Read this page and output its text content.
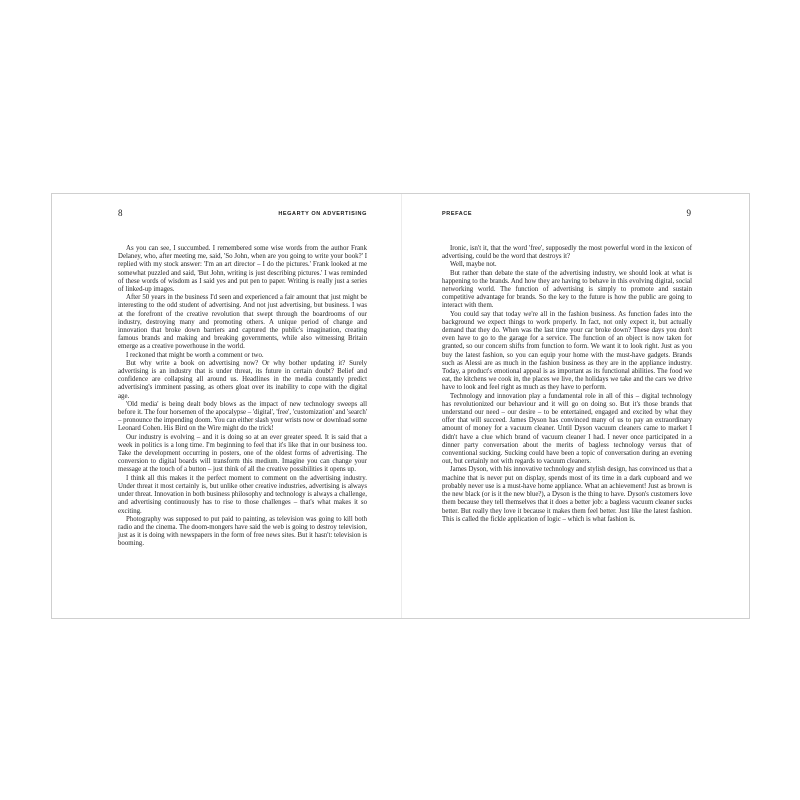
8	HEGARTY ON ADVERTISING

As you can see, I succumbed. I remembered some wise words from the author Frank Delaney, who, after meeting me, said, 'So John, when are you going to write your book?' I replied with my stock answer: 'I'm an art director – I do the pictures.' Frank looked at me somewhat puzzled and said, 'But John, writing is just describing pictures.' I was reminded of these words of wisdom as I said yes and put pen to paper. Writing is really just a series of linked-up images.

After 50 years in the business I'd seen and experienced a fair amount that just might be interesting to the odd student of advertising. And not just advertising, but business. I was at the forefront of the creative revolution that swept through the boardrooms of our industry, destroying many and promoting others. A unique period of change and innovation that broke down barriers and captured the public's imagination, creating famous brands and making and breaking governments, while also witnessing Britain emerge as a creative powerhouse in the world.

I reckoned that might be worth a comment or two.

But why write a book on advertising now? Or why bother updating it? Surely advertising is an industry that is under threat, its future in certain doubt? Belief and confidence are collapsing all around us. Headlines in the media constantly predict advertising's imminent passing, as others gloat over its inability to cope with the digital age.

'Old media' is being dealt body blows as the impact of new technology sweeps all before it. The four horsemen of the apocalypse – 'digital', 'free', 'customization' and 'search' – pronounce the impending doom. You can either slash your wrists now or download some Leonard Cohen. His Bird on the Wire might do the trick!

Our industry is evolving – and it is doing so at an ever greater speed. It is said that a week in politics is a long time. I'm beginning to feel that it's like that in our business too. Take the development occurring in posters, one of the oldest forms of advertising. The conversion to digital boards will transform this medium. Imagine you can change your message at the touch of a button – just think of all the creative possibilities it opens up.

I think all this makes it the perfect moment to comment on the advertising industry. Under threat it most certainly is, but unlike other creative industries, advertising is always under threat. Innovation in both business philosophy and technology is always a challenge, and advertising continuously has to rise to those challenges – that's what makes it so exciting.

Photography was supposed to put paid to painting, as television was going to kill both radio and the cinema. The doom-mongers have said the web is going to destroy television, just as it is doing with newspapers in the form of free news sites. But it hasn't: television is booming.

PREFACE	9

Ironic, isn't it, that the word 'free', supposedly the most powerful word in the lexicon of advertising, could be the word that destroys it?

Well, maybe not.

But rather than debate the state of the advertising industry, we should look at what is happening to the brands. And how they are having to behave in this evolving digital, social networking world. The function of advertising is simply to promote and sustain competitive advantage for brands. So the key to the future is how the public are going to interact with them.

You could say that today we're all in the fashion business. As function fades into the background we expect things to work properly. In fact, not only expect it, but actually demand that they do. When was the last time your car broke down? These days you don't even have to go to the garage for a service. The function of an object is now taken for granted, so our concern shifts from function to form. We want it to look right. Just as you buy the latest fashion, so you can equip your home with the must-have gadgets. Brands such as Alessi are as much in the fashion business as they are in the appliance industry. Today, a product's emotional appeal is as important as its functional abilities. The food we eat, the kitchens we cook in, the places we live, the holidays we take and the cars we drive have to look and feel right as much as they have to perform.

Technology and innovation play a fundamental role in all of this – digital technology has revolutionized our behaviour and it will go on doing so. But it's those brands that understand our need – our desire – to be entertained, engaged and excited by what they offer that will succeed. James Dyson has convinced many of us to pay an extraordinary amount of money for a vacuum cleaner. Until Dyson vacuum cleaners came to market I didn't have a clue which brand of vacuum cleaner I had. I never once participated in a dinner party conversation about the merits of bagless technology versus that of conventional sucking. Sucking could have been a topic of conversation during an evening out, but certainly not with regards to vacuum cleaners.

James Dyson, with his innovative technology and stylish design, has convinced us that a machine that is never put on display, spends most of its time in a dark cupboard and we probably never use is a must-have home appliance. What an achievement! Just as brown is the new black (or is it the new blue?), a Dyson is the thing to have. Dyson's customers love them because they tell themselves that it does a better job: a bagless vacuum cleaner sucks better. But really they love it because it makes them feel better. Just like the latest fashion. This is called the fickle application of logic – which is what fashion is.
